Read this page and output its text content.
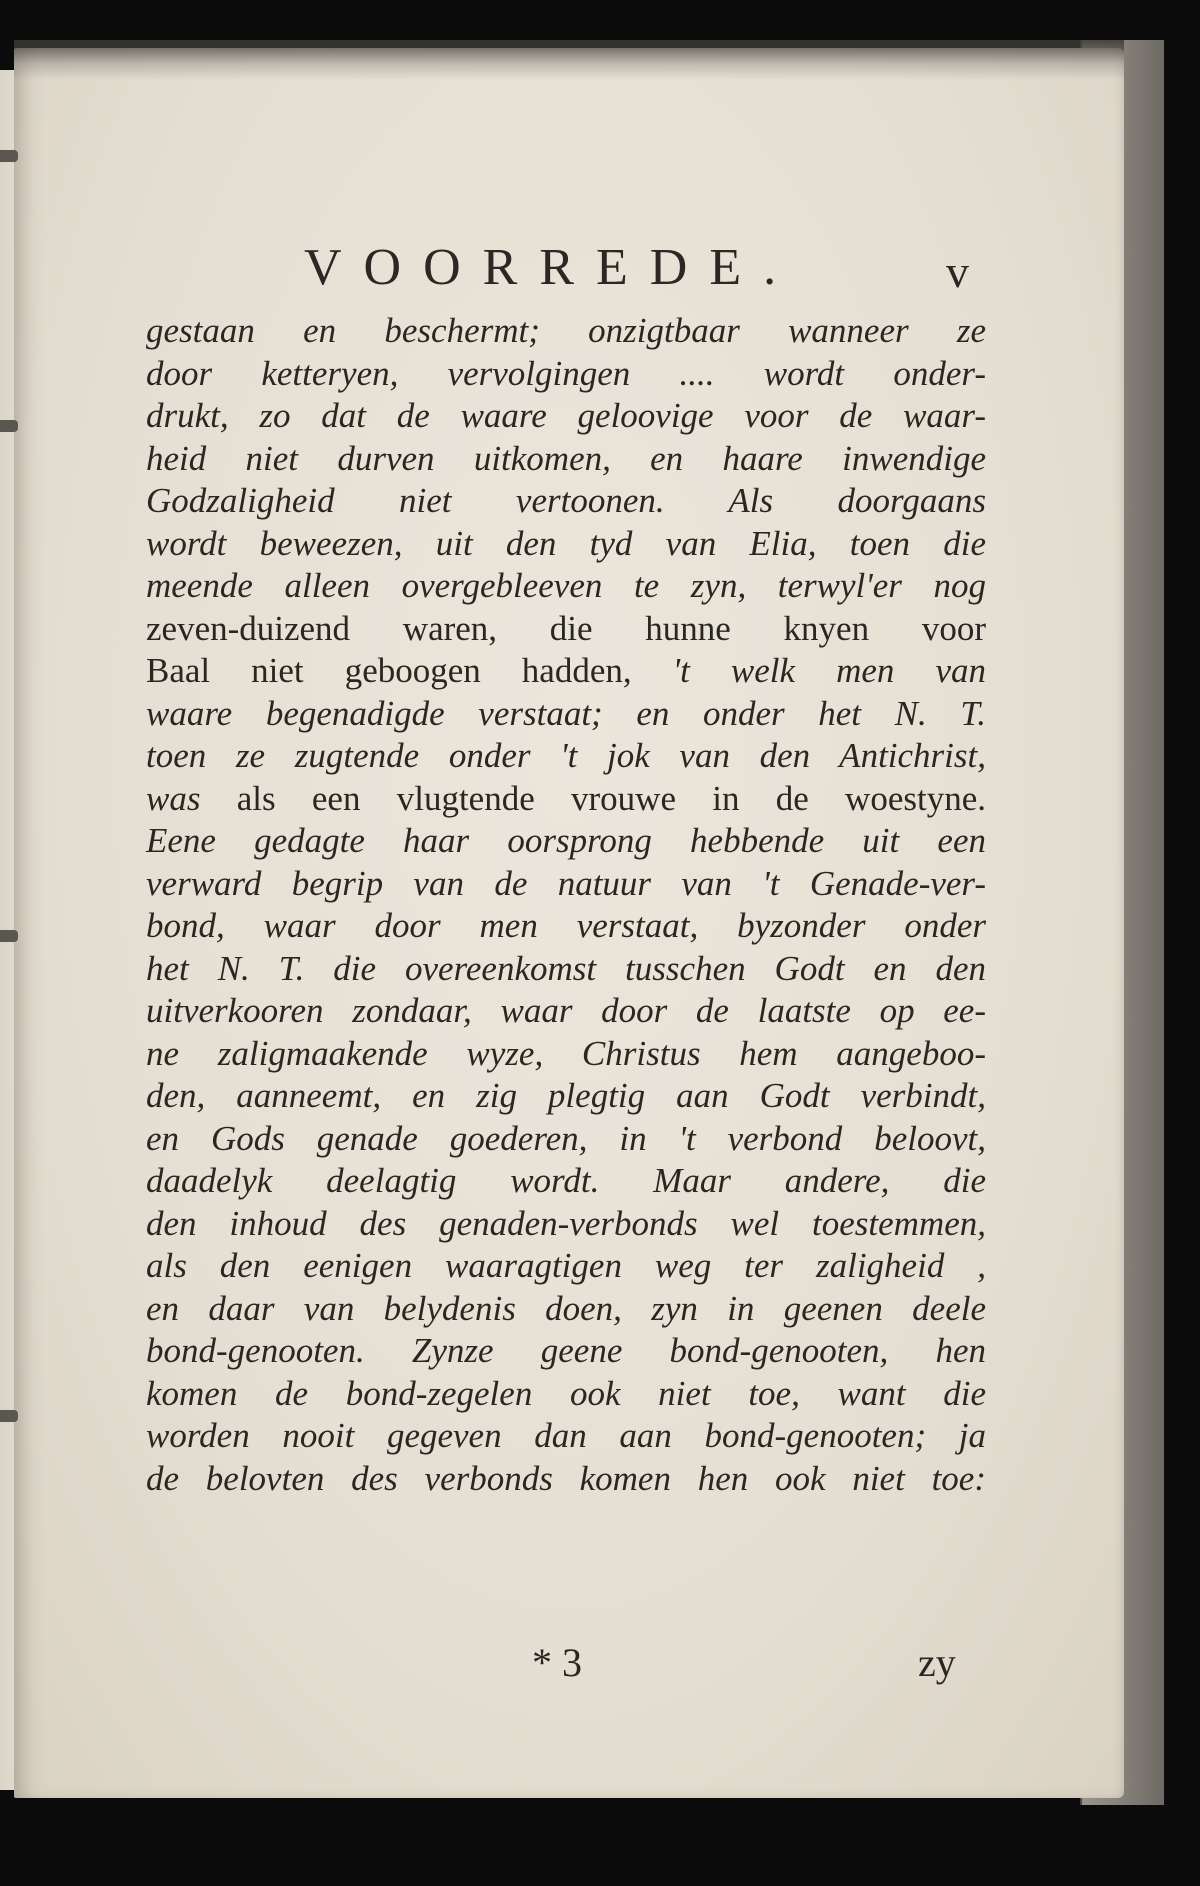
VOORREDE.	v
gestaan en beschermt; onzigtbaar wanneer ze
door ketteryen, vervolgingen .... wordt onder-
drukt, zo dat de waare geloovige voor de waar-
heid niet durven uitkomen, en haare inwendige
Godzaligheid niet vertoonen. Als doorgaans
wordt beweezen, uit den tyd van Elia, toen die
meende alleen overgebleeven te zyn, terwyl'er nog
zeven-duizend waren, die hunne knyen voor
Baal niet geboogen hadden, 't welk men van
waare begenadigde verstaat; en onder het N. T.
toen ze zugtende onder 't jok van den Antichrist,
was als een vlugtende vrouwe in de woestyne.
Eene gedagte haar oorsprong hebbende uit een
verward begrip van de natuur van 't Genade-ver-
bond, waar door men verstaat, byzonder onder
het N. T. die overeenkomst tusschen Godt en den
uitverkooren zondaar, waar door de laatste op ee-
ne zaligmaakende wyze, Christus hem aangeboo-
den, aanneemt, en zig plegtig aan Godt verbindt,
en Gods genade goederen, in 't verbond beloovt,
daadelyk deelagtig wordt. Maar andere, die
den inhoud des genaden-verbonds wel toestemmen,
als den eenigen waaragtigen weg ter zaligheid ,
en daar van belydenis doen, zyn in geenen deele
bond-genooten. Zynze geene bond-genooten, hen
komen de bond-zegelen ook niet toe, want die
worden nooit gegeven dan aan bond-genooten; ja
de belovten des verbonds komen hen ook niet toe:
* 3	zy
